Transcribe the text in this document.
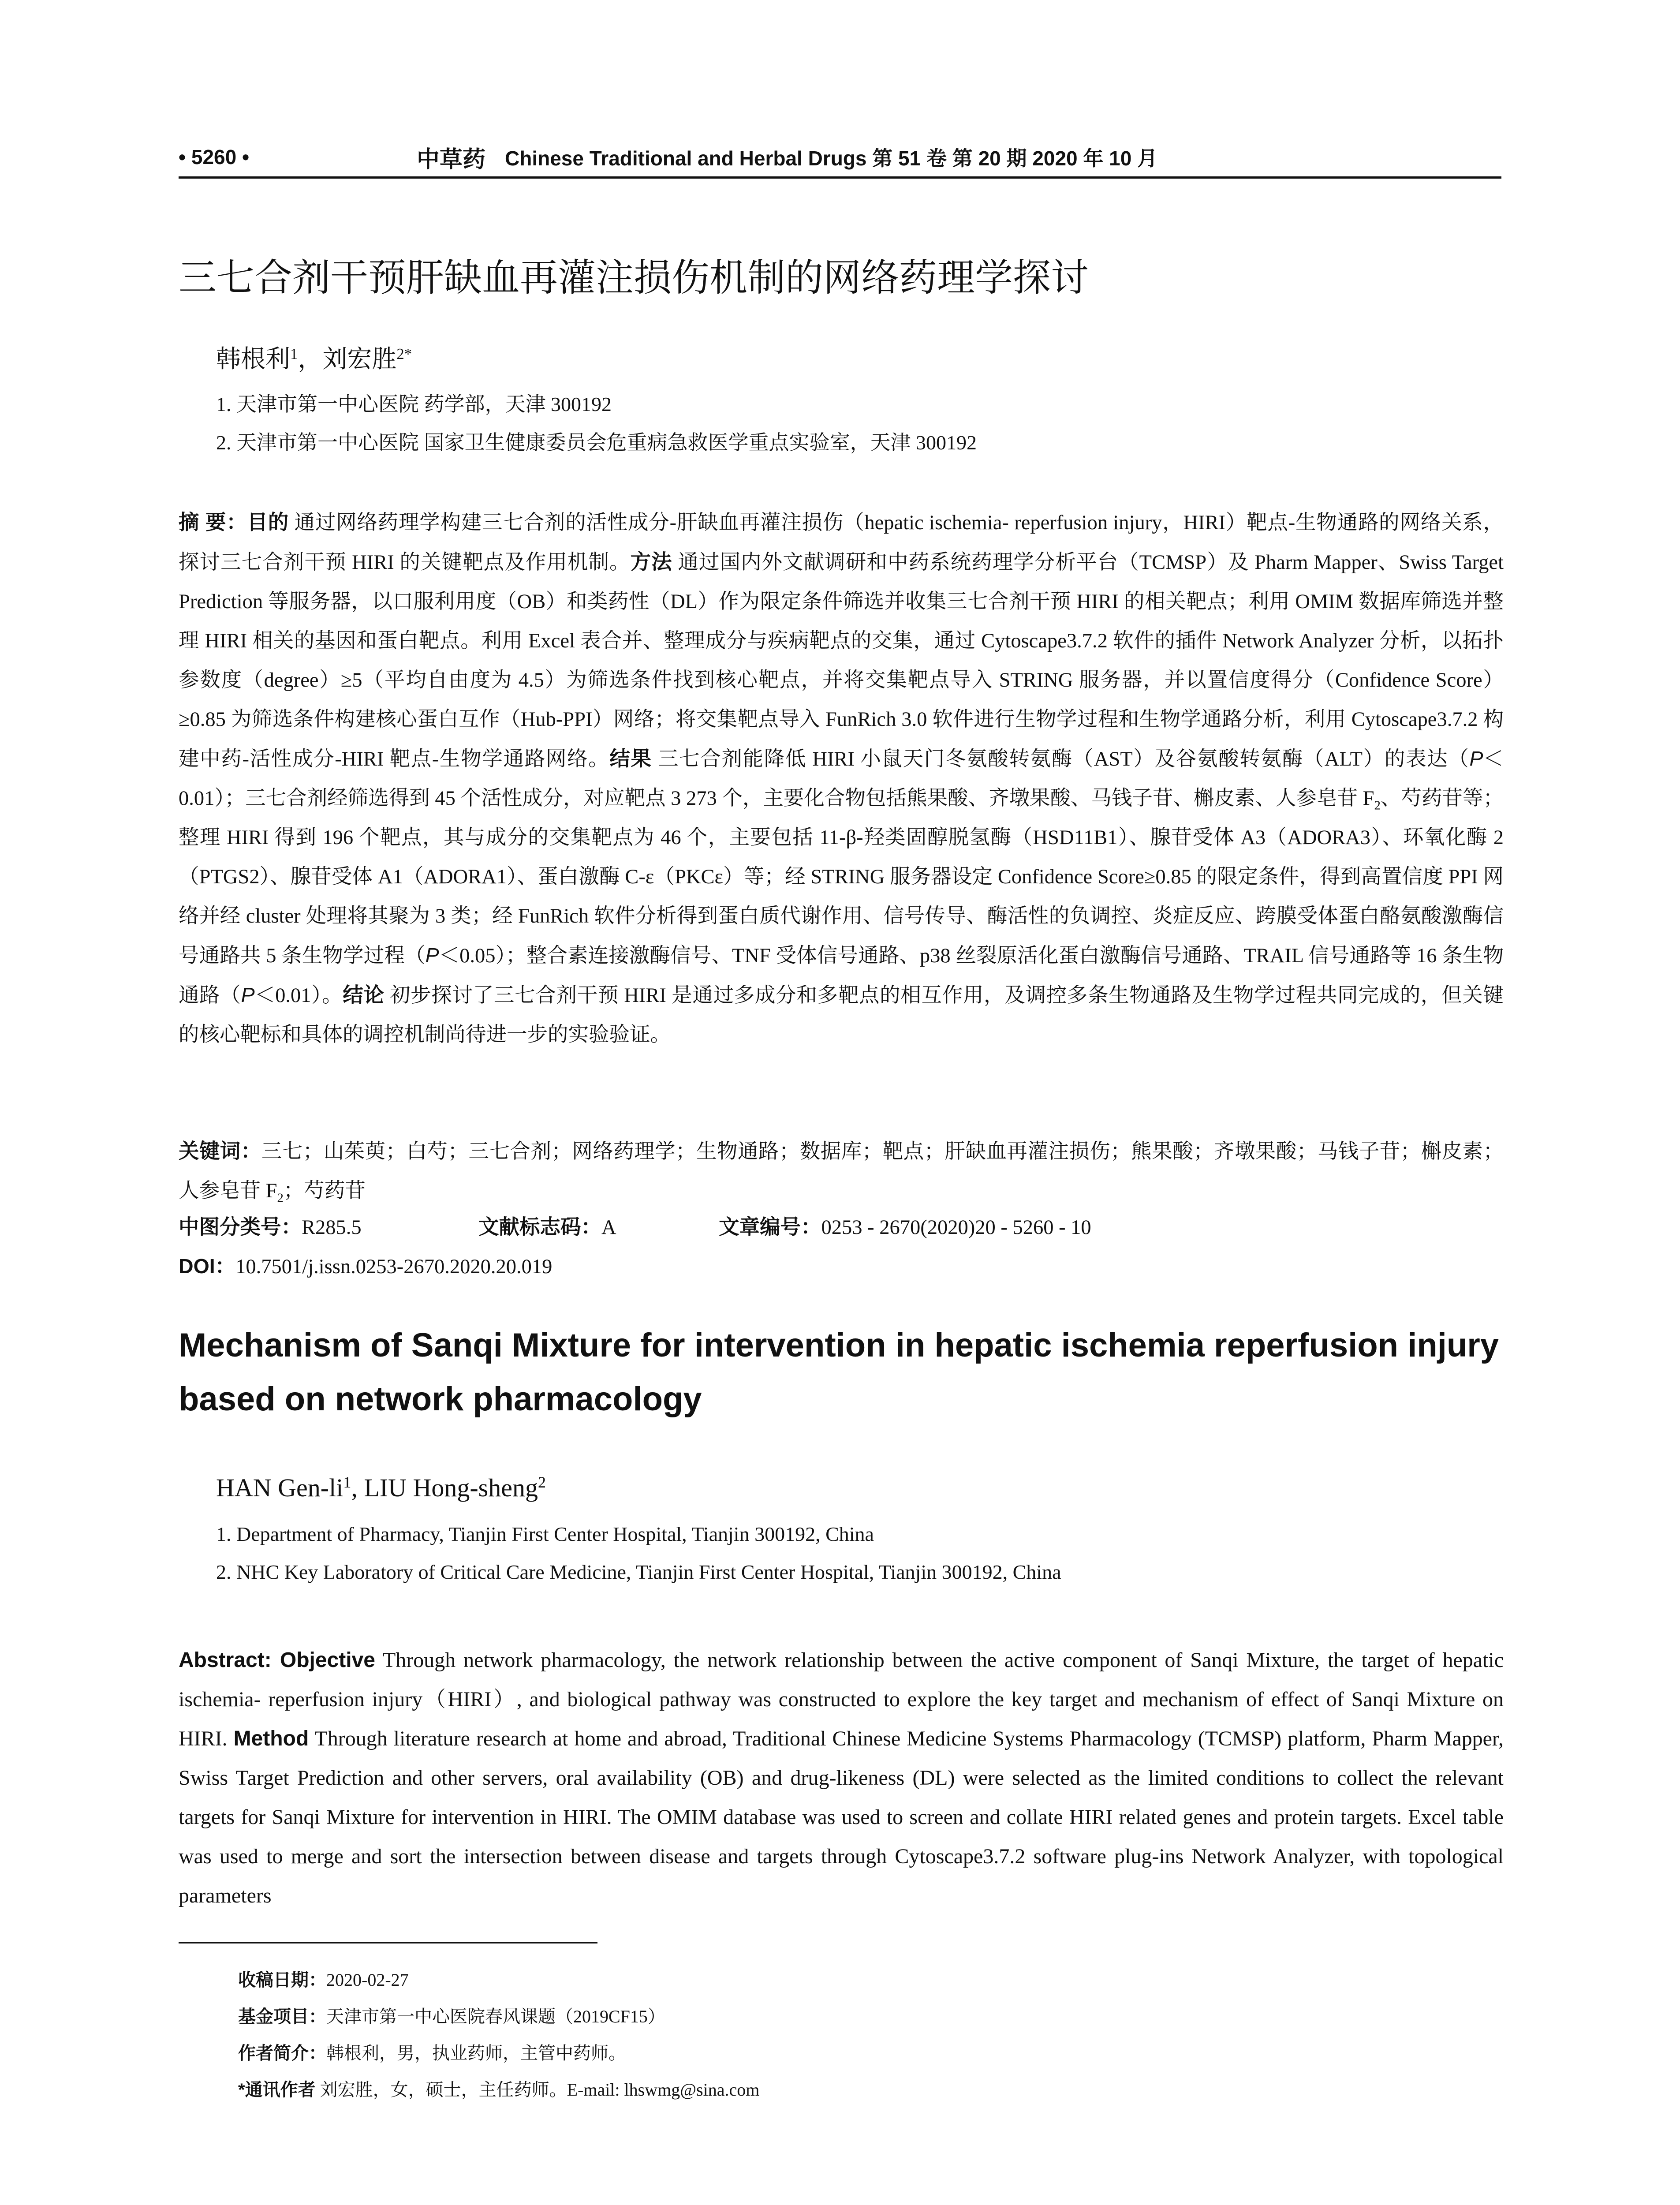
• 5260 •	中草药 Chinese Traditional and Herbal Drugs 第 51 卷 第 20 期 2020 年 10 月
三七合剂干预肝缺血再灌注损伤机制的网络药理学探讨
韩根利$^1$，刘宏胜$^{2*}$
1. 天津市第一中心医院 药学部，天津 300192
2. 天津市第一中心医院 国家卫生健康委员会危重病急救医学重点实验室，天津 300192
摘 要：目的 通过网络药理学构建三七合剂的活性成分-肝缺血再灌注损伤（hepatic ischemia- reperfusion injury，HIRI）靶点-生物通路的网络关系，探讨三七合剂干预 HIRI 的关键靶点及作用机制。方法 通过国内外文献调研和中药系统药理学分析平台（TCMSP）及 Pharm Mapper、Swiss Target Prediction 等服务器，以口服利用度（OB）和类药性（DL）作为限定条件筛选并收集三七合剂干预 HIRI 的相关靶点；利用 OMIM 数据库筛选并整理 HIRI 相关的基因和蛋白靶点。利用 Excel 表合并、整理成分与疾病靶点的交集，通过 Cytoscape3.7.2 软件的插件 Network Analyzer 分析，以拓扑参数度（degree）≥5（平均自由度为 4.5）为筛选条件找到核心靶点，并将交集靶点导入 STRING 服务器，并以置信度得分（Confidence Score）≥0.85 为筛选条件构建核心蛋白互作（Hub-PPI）网络；将交集靶点导入 FunRich 3.0 软件进行生物学过程和生物学通路分析，利用 Cytoscape3.7.2 构建中药-活性成分-HIRI 靶点-生物学通路网络。结果 三七合剂能降低 HIRI 小鼠天门冬氨酸转氨酶（AST）及谷氨酸转氨酶（ALT）的表达（P＜0.01）；三七合剂经筛选得到 45 个活性成分，对应靶点 3 273 个，主要化合物包括熊果酸、齐墩果酸、马钱子苷、槲皮素、人参皂苷 $F_2$、芍药苷等；整理 HIRI 得到 196 个靶点，其与成分的交集靶点为 46 个，主要包括 11-β-羟类固醇脱氢酶（HSD11B1）、腺苷受体 A3（ADORA3）、环氧化酶 2（PTGS2）、腺苷受体 A1（ADORA1）、蛋白激酶 C-ε（PKCε）等；经 STRING 服务器设定 Confidence Score≥0.85 的限定条件，得到高置信度 PPI 网络并经 cluster 处理将其聚为 3 类；经 FunRich 软件分析得到蛋白质代谢作用、信号传导、酶活性的负调控、炎症反应、跨膜受体蛋白酪氨酸激酶信号通路共 5 条生物学过程（P＜0.05）；整合素连接激酶信号、TNF 受体信号通路、p38 丝裂原活化蛋白激酶信号通路、TRAIL 信号通路等 16 条生物通路（P＜0.01）。结论 初步探讨了三七合剂干预 HIRI 是通过多成分和多靶点的相互作用，及调控多条生物通路及生物学过程共同完成的，但关键的核心靶标和具体的调控机制尚待进一步的实验验证。
关键词：三七；山茱萸；白芍；三七合剂；网络药理学；生物通路；数据库；靶点；肝缺血再灌注损伤；熊果酸；齐墩果酸；马钱子苷；槲皮素；人参皂苷 $F_2$；芍药苷
中图分类号：R285.5	文献标志码：A	文章编号：0253 - 2670(2020)20 - 5260 - 10
DOI：10.7501/j.issn.0253-2670.2020.20.019
Mechanism of Sanqi Mixture for intervention in hepatic ischemia reperfusion injury based on network pharmacology
HAN Gen-$li^1$, LIU Hong-sheng$^2$
1. Department of Pharmacy, Tianjin First Center Hospital, Tianjin 300192, China
2. NHC Key Laboratory of Critical Care Medicine, Tianjin First Center Hospital, Tianjin 300192, China
Abstract: Objective Through network pharmacology, the network relationship between the active component of Sanqi Mixture, the target of hepatic ischemia- reperfusion injury（HIRI）, and biological pathway was constructed to explore the key target and mechanism of effect of Sanqi Mixture on HIRI. Method Through literature research at home and abroad, Traditional Chinese Medicine Systems Pharmacology (TCMSP) platform, Pharm Mapper, Swiss Target Prediction and other servers, oral availability (OB) and drug-likeness (DL) were selected as the limited conditions to collect the relevant targets for Sanqi Mixture for intervention in HIRI. The OMIM database was used to screen and collate HIRI related genes and protein targets. Excel table was used to merge and sort the intersection between disease and targets through Cytoscape3.7.2 software plug-ins Network Analyzer, with topological parameters
收稿日期：2020-02-27
基金项目：天津市第一中心医院春风课题（2019CF15）
作者简介：韩根利，男，执业药师，主管中药师。
*通讯作者 刘宏胜，女，硕士，主任药师。E-mail: lhswmg@sina.com
